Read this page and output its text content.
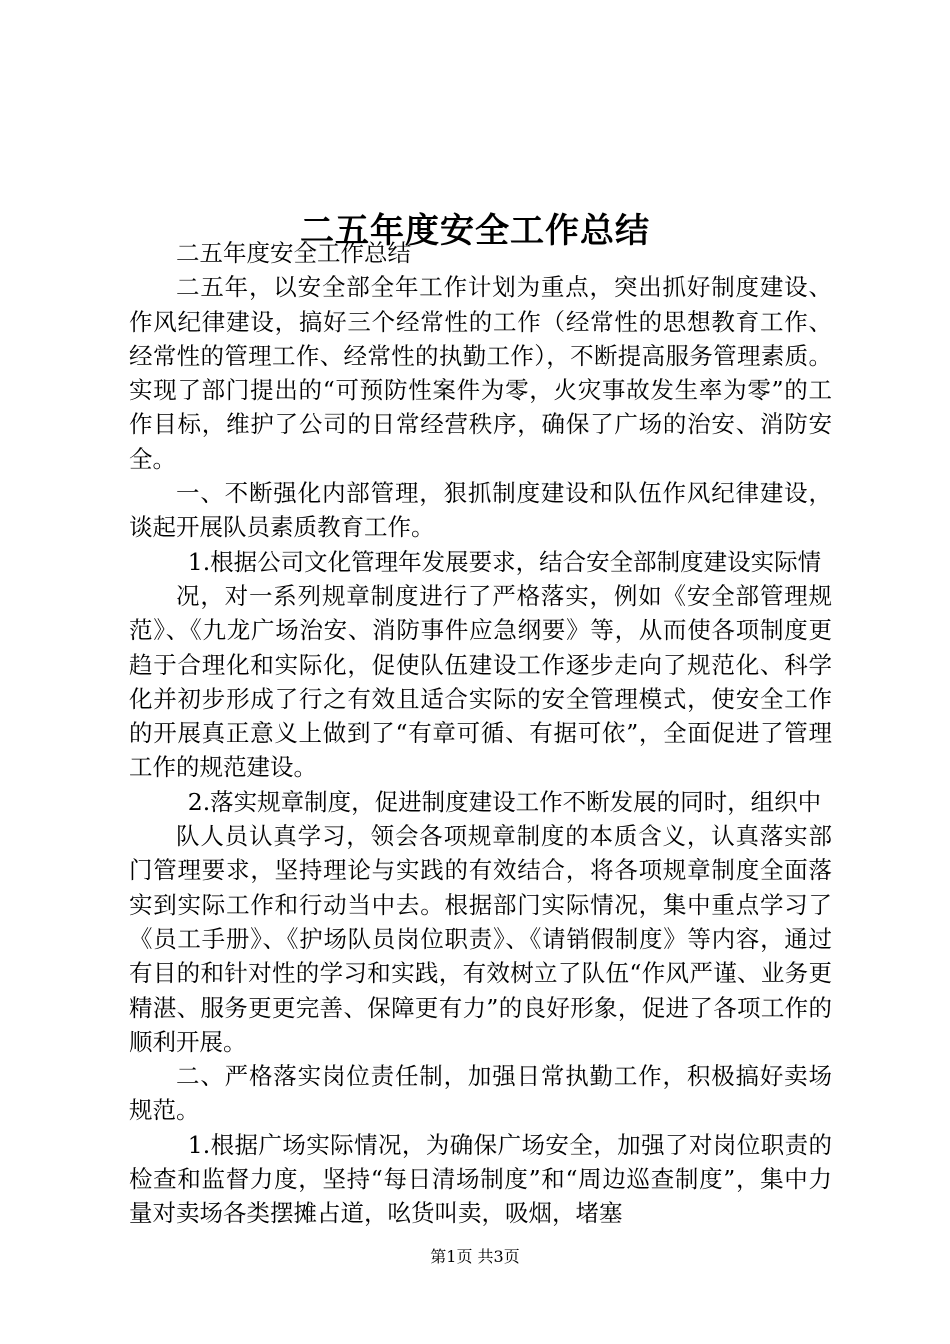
二五年度安全工作总结

二五年度安全工作总结

二五年，以安全部全年工作计划为重点，突出抓好制度建设、作风纪律建设，搞好三个经常性的工作（经常性的思想教育工作、经常性的管理工作、经常性的执勤工作），不断提高服务管理素质。实现了部门提出的“可预防性案件为零，火灾事故发生率为零”的工作目标，维护了公司的日常经营秩序，确保了广场的治安、消防安全。

一、不断强化内部管理，狠抓制度建设和队伍作风纪律建设，谈起开展队员素质教育工作。

1.根据公司文化管理年发展要求，结合安全部制度建设实际情

况，对一系列规章制度进行了严格落实，例如《安全部管理规范》、《九龙广场治安、消防事件应急纲要》等，从而使各项制度更趋于合理化和实际化，促使队伍建设工作逐步走向了规范化、科学化并初步形成了行之有效且适合实际的安全管理模式，使安全工作的开展真正意义上做到了“有章可循、有据可依”，全面促进了管理工作的规范建设。

2.落实规章制度，促进制度建设工作不断发展的同时，组织中

队人员认真学习，领会各项规章制度的本质含义，认真落实部门管理要求，坚持理论与实践的有效结合，将各项规章制度全面落实到实际工作和行动当中去。根据部门实际情况，集中重点学习了《员工手册》、《护场队员岗位职责》、《请销假制度》等内容，通过有目的和针对性的学习和实践，有效树立了队伍“作风严谨、业务更精湛、服务更更完善、保障更有力”的良好形象，促进了各项工作的顺利开展。

二、严格落实岗位责任制，加强日常执勤工作，积极搞好卖场规范。

1.根据广场实际情况，为确保广场安全，加强了对岗位职责的检查和监督力度，坚持“每日清场制度”和“周边巡查制度”，集中力量对卖场各类摆摊占道，吆货叫卖，吸烟，堵塞

第1页 共3页
